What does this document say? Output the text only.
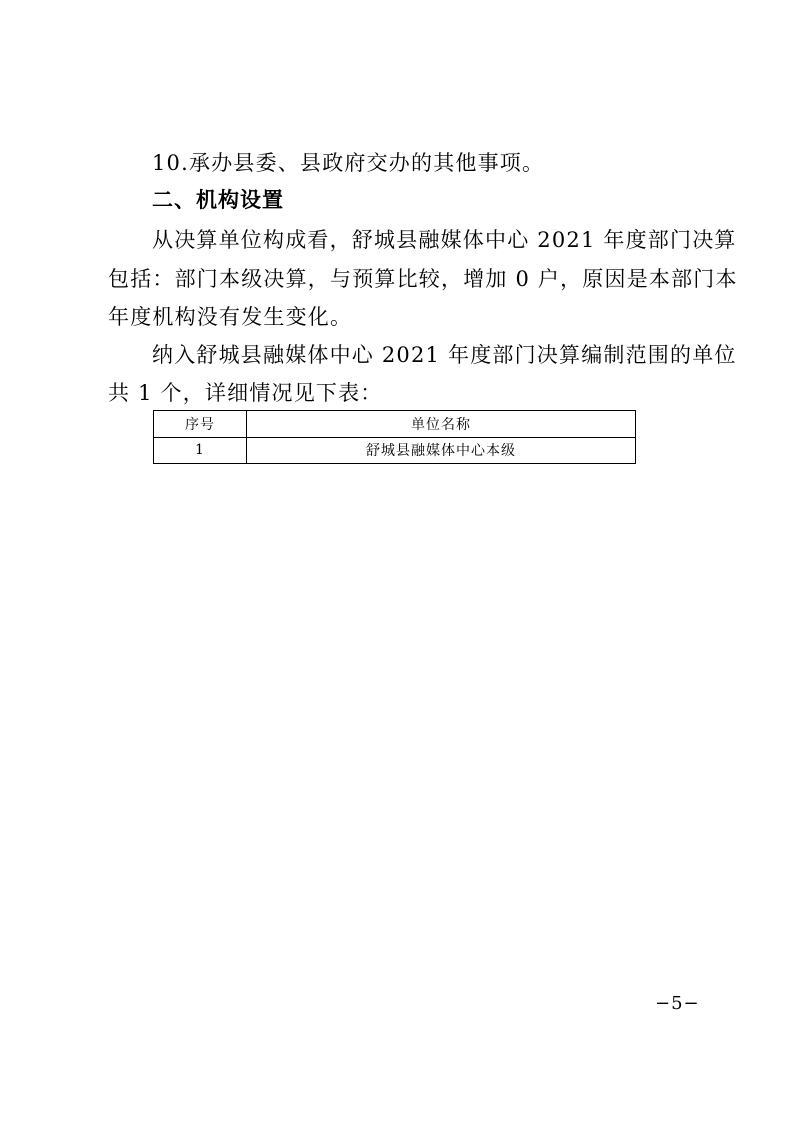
10.承办县委、县政府交办的其他事项。
二、机构设置
从决算单位构成看，舒城县融媒体中心 2021 年度部门决算
包括：部门本级决算，与预算比较，增加 0 户，原因是本部门本
年度机构没有发生变化。
纳入舒城县融媒体中心 2021 年度部门决算编制范围的单位
共 1 个，详细情况见下表：
序号	单位名称
1	舒城县融媒体中心本级
−5−
